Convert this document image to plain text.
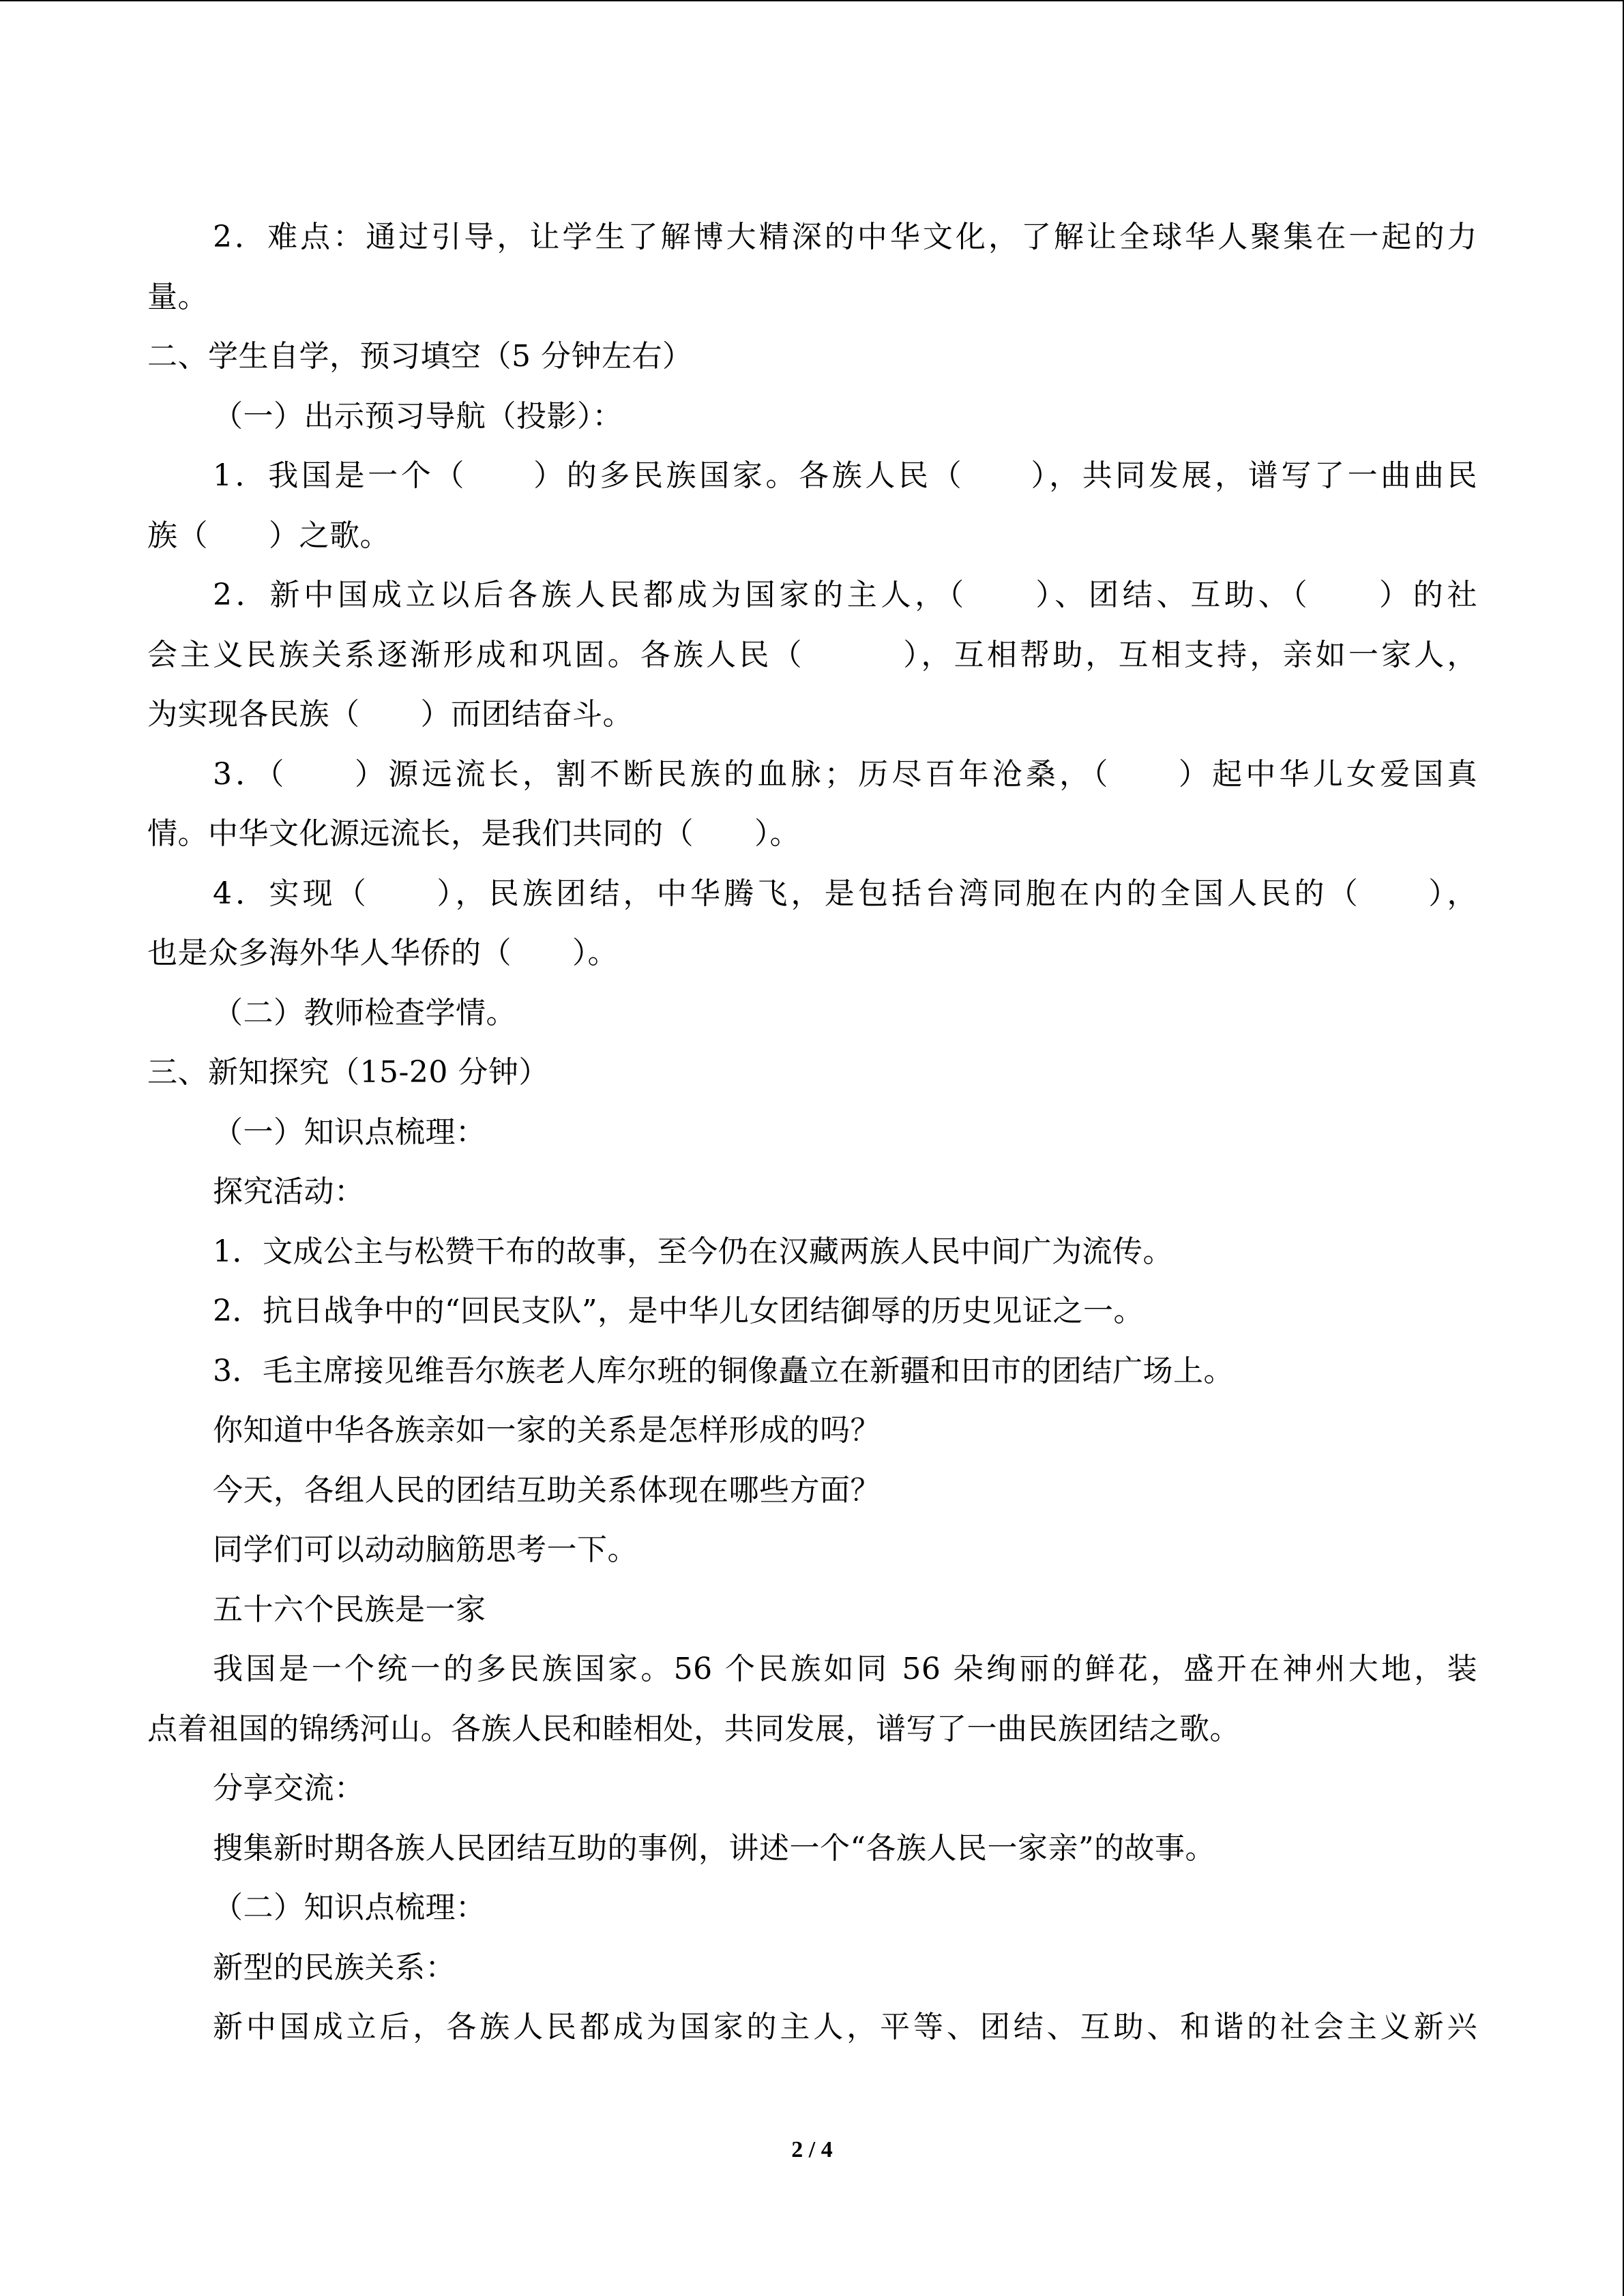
2．难点：通过引导，让学生了解博大精深的中华文化，了解让全球华人聚集在一起的力
量。
二、学生自学，预习填空（5 分钟左右）
（一）出示预习导航（投影）：
1．我国是一个（　　）的多民族国家。各族人民（　　），共同发展，谱写了一曲曲民
族（　　）之歌。
2．新中国成立以后各族人民都成为国家的主人，（　　）、团结、互助、（　　）的社
会主义民族关系逐渐形成和巩固。各族人民（　　　），互相帮助，互相支持，亲如一家人，
为实现各民族（　　）而团结奋斗。
3．（　　）源远流长，割不断民族的血脉；历尽百年沧桑，（　　）起中华儿女爱国真
情。中华文化源远流长，是我们共同的（　　）。
4．实现（　　），民族团结，中华腾飞，是包括台湾同胞在内的全国人民的（　　），
也是众多海外华人华侨的（　　）。
（二）教师检查学情。
三、新知探究（15-20 分钟）
（一）知识点梳理：
探究活动：
1．文成公主与松赞干布的故事，至今仍在汉藏两族人民中间广为流传。
2．抗日战争中的“回民支队”，是中华儿女团结御辱的历史见证之一。
3．毛主席接见维吾尔族老人库尔班的铜像矗立在新疆和田市的团结广场上。
你知道中华各族亲如一家的关系是怎样形成的吗？
今天，各组人民的团结互助关系体现在哪些方面？
同学们可以动动脑筋思考一下。
五十六个民族是一家
我国是一个统一的多民族国家。56 个民族如同 56 朵绚丽的鲜花，盛开在神州大地，装
点着祖国的锦绣河山。各族人民和睦相处，共同发展，谱写了一曲民族团结之歌。
分享交流：
搜集新时期各族人民团结互助的事例，讲述一个“各族人民一家亲”的故事。
（二）知识点梳理：
新型的民族关系：
新中国成立后，各族人民都成为国家的主人，平等、团结、互助、和谐的社会主义新兴
2 / 4
